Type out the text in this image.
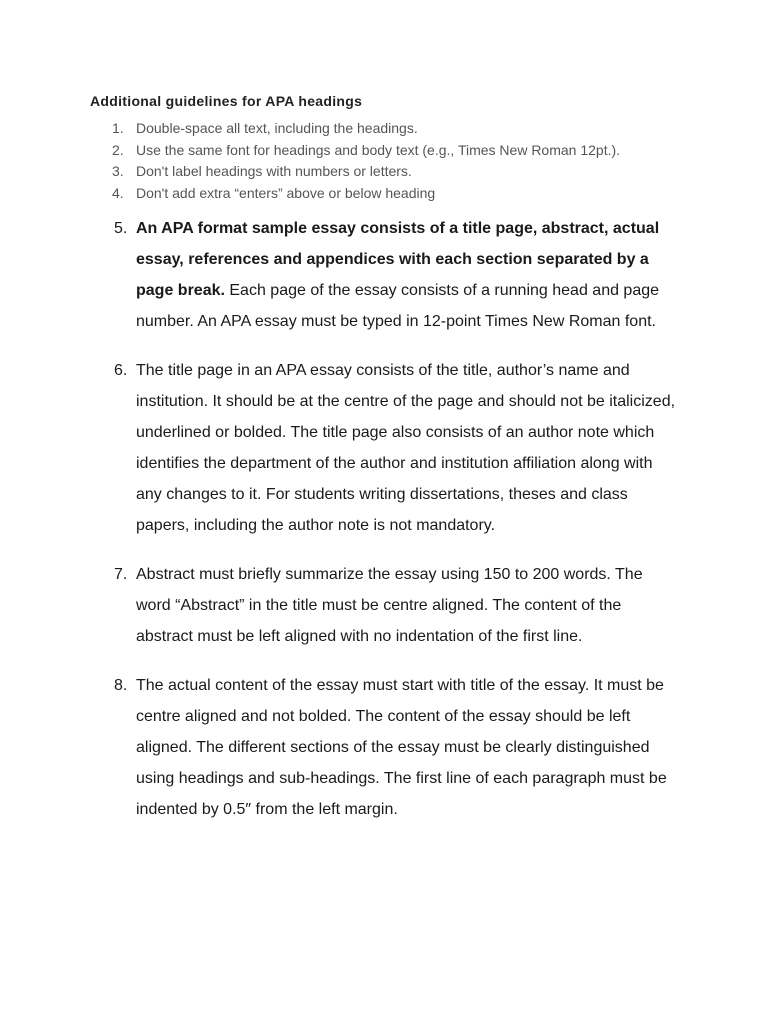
Additional guidelines for APA headings
1. Double-space all text, including the headings.
2. Use the same font for headings and body text (e.g., Times New Roman 12pt.).
3. Don't label headings with numbers or letters.
4. Don't add extra “enters” above or below heading
5. An APA format sample essay consists of a title page, abstract, actual essay, references and appendices with each section separated by a page break. Each page of the essay consists of a running head and page number. An APA essay must be typed in 12-point Times New Roman font.
6. The title page in an APA essay consists of the title, author’s name and institution. It should be at the centre of the page and should not be italicized, underlined or bolded. The title page also consists of an author note which identifies the department of the author and institution affiliation along with any changes to it. For students writing dissertations, theses and class papers, including the author note is not mandatory.
7. Abstract must briefly summarize the essay using 150 to 200 words. The word “Abstract” in the title must be centre aligned. The content of the abstract must be left aligned with no indentation of the first line.
8. The actual content of the essay must start with title of the essay. It must be centre aligned and not bolded. The content of the essay should be left aligned. The different sections of the essay must be clearly distinguished using headings and sub-headings. The first line of each paragraph must be indented by 0.5″ from the left margin.
